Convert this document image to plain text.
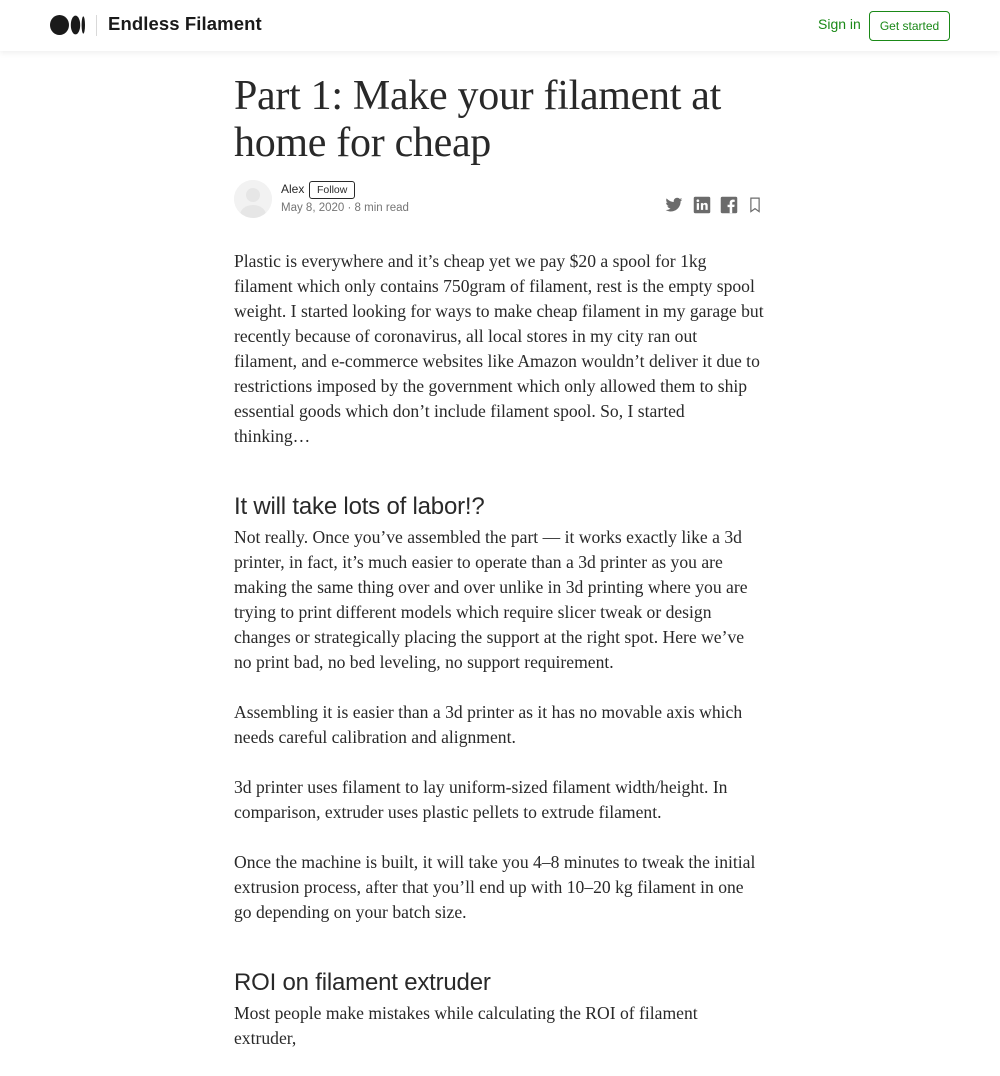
Endless Filament	Sign in	Get started
Part 1: Make your filament at home for cheap
Alex	Follow
May 8, 2020 · 8 min read

Plastic is everywhere and it’s cheap yet we pay $20 a spool for 1kg filament which only contains 750gram of filament, rest is the empty spool weight. I started looking for ways to make cheap filament in my garage but recently because of coronavirus, all local stores in my city ran out filament, and e-commerce websites like Amazon wouldn’t deliver it due to restrictions imposed by the government which only allowed them to ship essential goods which don’t include filament spool. So, I started thinking…

It will take lots of labor!?

Not really. Once you’ve assembled the part — it works exactly like a 3d printer, in fact, it’s much easier to operate than a 3d printer as you are making the same thing over and over unlike in 3d printing where you are trying to print different models which require slicer tweak or design changes or strategically placing the support at the right spot. Here we’ve no print bad, no bed leveling, no support requirement.

Assembling it is easier than a 3d printer as it has no movable axis which needs careful calibration and alignment.

3d printer uses filament to lay uniform-sized filament width/height. In comparison, extruder uses plastic pellets to extrude filament.

Once the machine is built, it will take you 4–8 minutes to tweak the initial extrusion process, after that you’ll end up with 10–20 kg filament in one go depending on your batch size.

ROI on filament extruder

Most people make mistakes while calculating the ROI of filament extruder,
